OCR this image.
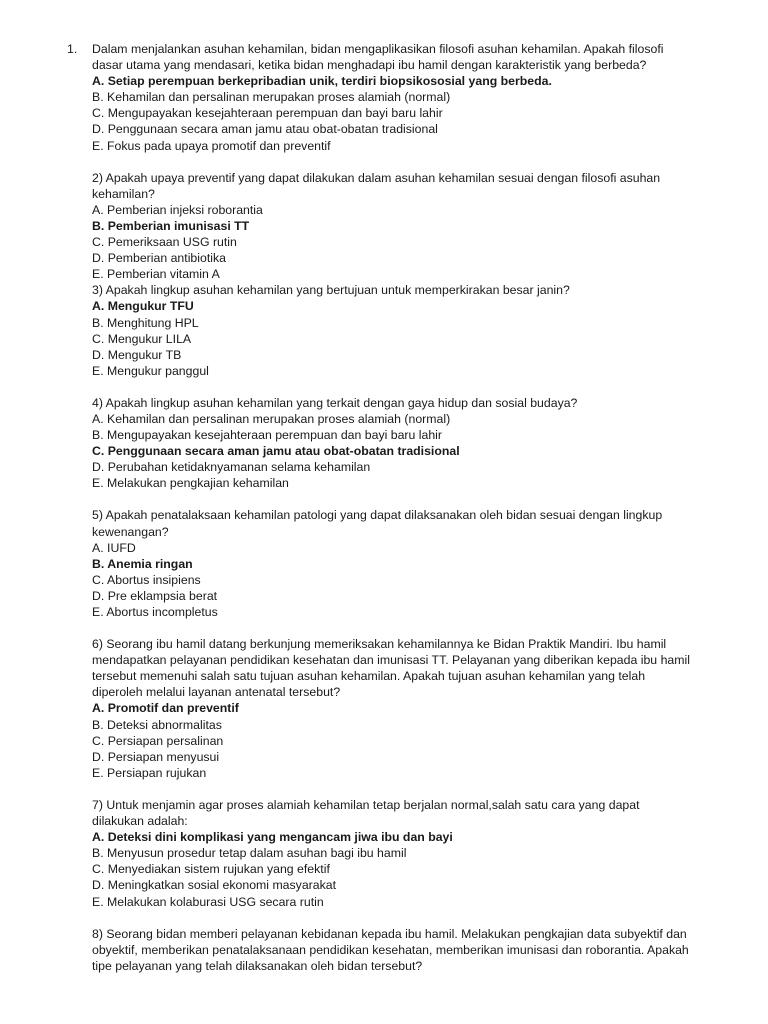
1. Dalam menjalankan asuhan kehamilan, bidan mengaplikasikan filosofi asuhan kehamilan. Apakah filosofi
dasar utama yang mendasari, ketika bidan menghadapi ibu hamil dengan karakteristik yang berbeda?
A. Setiap perempuan berkepribadian unik, terdiri biopsikososial yang berbeda.
B. Kehamilan dan persalinan merupakan proses alamiah (normal)
C. Mengupayakan kesejahteraan perempuan dan bayi baru lahir
D. Penggunaan secara aman jamu atau obat-obatan tradisional
E. Fokus pada upaya promotif dan preventif
2) Apakah upaya preventif yang dapat dilakukan dalam asuhan kehamilan sesuai dengan filosofi asuhan
kehamilan?
A. Pemberian injeksi roborantia
B. Pemberian imunisasi TT
C. Pemeriksaan USG rutin
D. Pemberian antibiotika
E. Pemberian vitamin A
3) Apakah lingkup asuhan kehamilan yang bertujuan untuk memperkirakan besar janin?
A. Mengukur TFU
B. Menghitung HPL
C. Mengukur LILA
D. Mengukur TB
E. Mengukur panggul
4) Apakah lingkup asuhan kehamilan yang terkait dengan gaya hidup dan sosial budaya?
A. Kehamilan dan persalinan merupakan proses alamiah (normal)
B. Mengupayakan kesejahteraan perempuan dan bayi baru lahir
C. Penggunaan secara aman jamu atau obat-obatan tradisional
D. Perubahan ketidaknyamanan selama kehamilan
E. Melakukan pengkajian kehamilan
5) Apakah penatalaksaan kehamilan patologi yang dapat dilaksanakan oleh bidan sesuai dengan lingkup
kewenangan?
A. IUFD
B. Anemia ringan
C. Abortus insipiens
D. Pre eklampsia berat
E. Abortus incompletus
6) Seorang ibu hamil datang berkunjung memeriksakan kehamilannya ke Bidan Praktik Mandiri. Ibu hamil
mendapatkan pelayanan pendidikan kesehatan dan imunisasi TT. Pelayanan yang diberikan kepada ibu hamil
tersebut memenuhi salah satu tujuan asuhan kehamilan. Apakah tujuan asuhan kehamilan yang telah
diperoleh melalui layanan antenatal tersebut?
A. Promotif dan preventif
B. Deteksi abnormalitas
C. Persiapan persalinan
D. Persiapan menyusui
E. Persiapan rujukan
7) Untuk menjamin agar proses alamiah kehamilan tetap berjalan normal,salah satu cara yang dapat
dilakukan adalah:
A. Deteksi dini komplikasi yang mengancam jiwa ibu dan bayi
B. Menyusun prosedur tetap dalam asuhan bagi ibu hamil
C. Menyediakan sistem rujukan yang efektif
D. Meningkatkan sosial ekonomi masyarakat
E. Melakukan kolaburasi USG secara rutin
8) Seorang bidan memberi pelayanan kebidanan kepada ibu hamil. Melakukan pengkajian data subyektif dan
obyektif, memberikan penatalaksanaan pendidikan kesehatan, memberikan imunisasi dan roborantia. Apakah
tipe pelayanan yang telah dilaksanakan oleh bidan tersebut?
